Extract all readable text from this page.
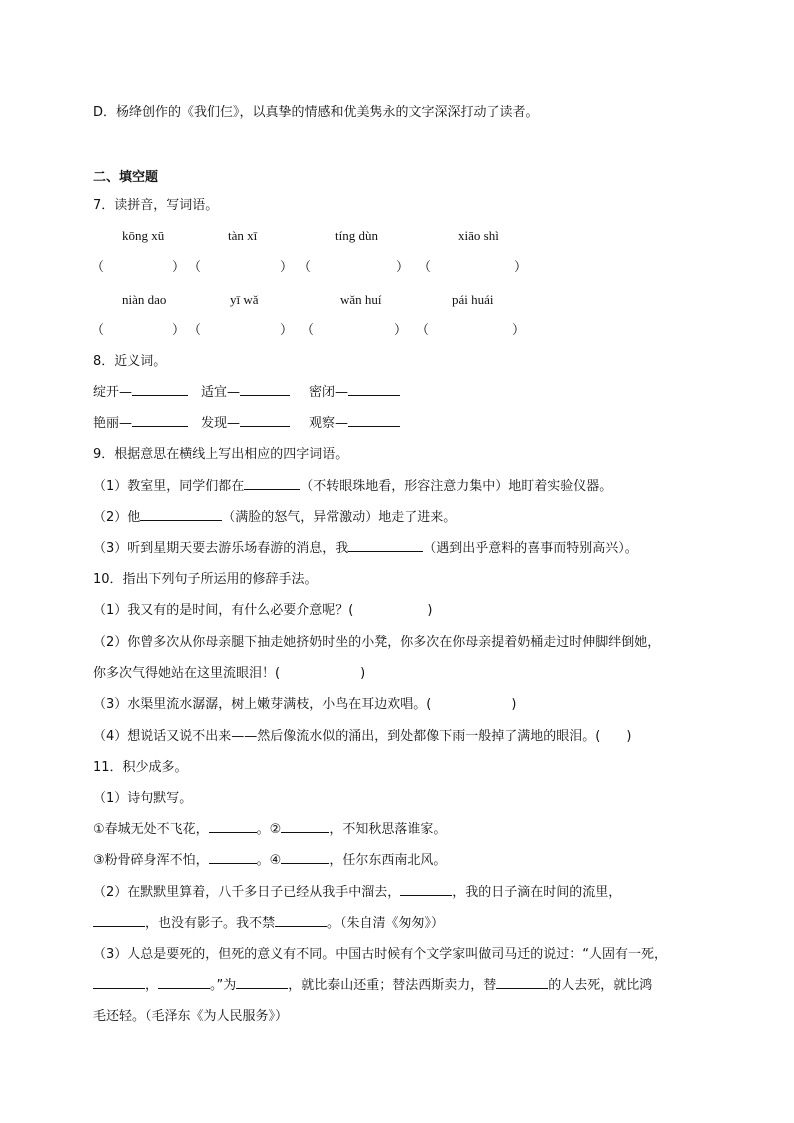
D．杨绛创作的《我们仨》，以真挚的情感和优美隽永的文字深深打动了读者。
二、填空题
7．读拼音，写词语。
kōng xū	tàn xī	tíng dùn	xiāo shì
（	） （	） （	） （	）
niàn dao	yī wǎ	wǎn huí	pái huái
（	） （	） （	） （	）
8．近义词。
绽开—	适宜—	密闭—
艳丽—	发现—	观察—
9．根据意思在横线上写出相应的四字词语。
（1）教室里，同学们都在	（不转眼珠地看，形容注意力集中）地盯着实验仪器。
（2）他	（满脸的怒气，异常激动）地走了进来。
（3）听到星期天要去游乐场春游的消息，我	（遇到出乎意料的喜事而特别高兴）。
10．指出下列句子所运用的修辞手法。
（1）我又有的是时间，有什么必要介意呢？(	)
（2）你曾多次从你母亲腿下抽走她挤奶时坐的小凳，你多次在你母亲提着奶桶走过时伸脚绊倒她，
你多次气得她站在这里流眼泪！(	)
（3）水渠里流水潺潺，树上嫩芽满枝，小鸟在耳边欢唱。(	)
（4）想说话又说不出来——然后像流水似的涌出，到处都像下雨一般掉了满地的眼泪。( )
11．积少成多。
（1）诗句默写。
①春城无处不飞花，	。②	，不知秋思落谁家。
③粉骨碎身浑不怕，	。④	，任尔东西南北风。
（2）在默默里算着，八千多日子已经从我手中溜去，	，我的日子滴在时间的流里，
，也没有影子。我不禁	。（朱自清《匆匆》）
（3）人总是要死的，但死的意义有不同。中国古时候有个文学家叫做司马迁的说过：“人固有一死，
，	。”为	，就比泰山还重；替法西斯卖力，替	的人去死，就比鸿
毛还轻。（毛泽东《为人民服务》）
